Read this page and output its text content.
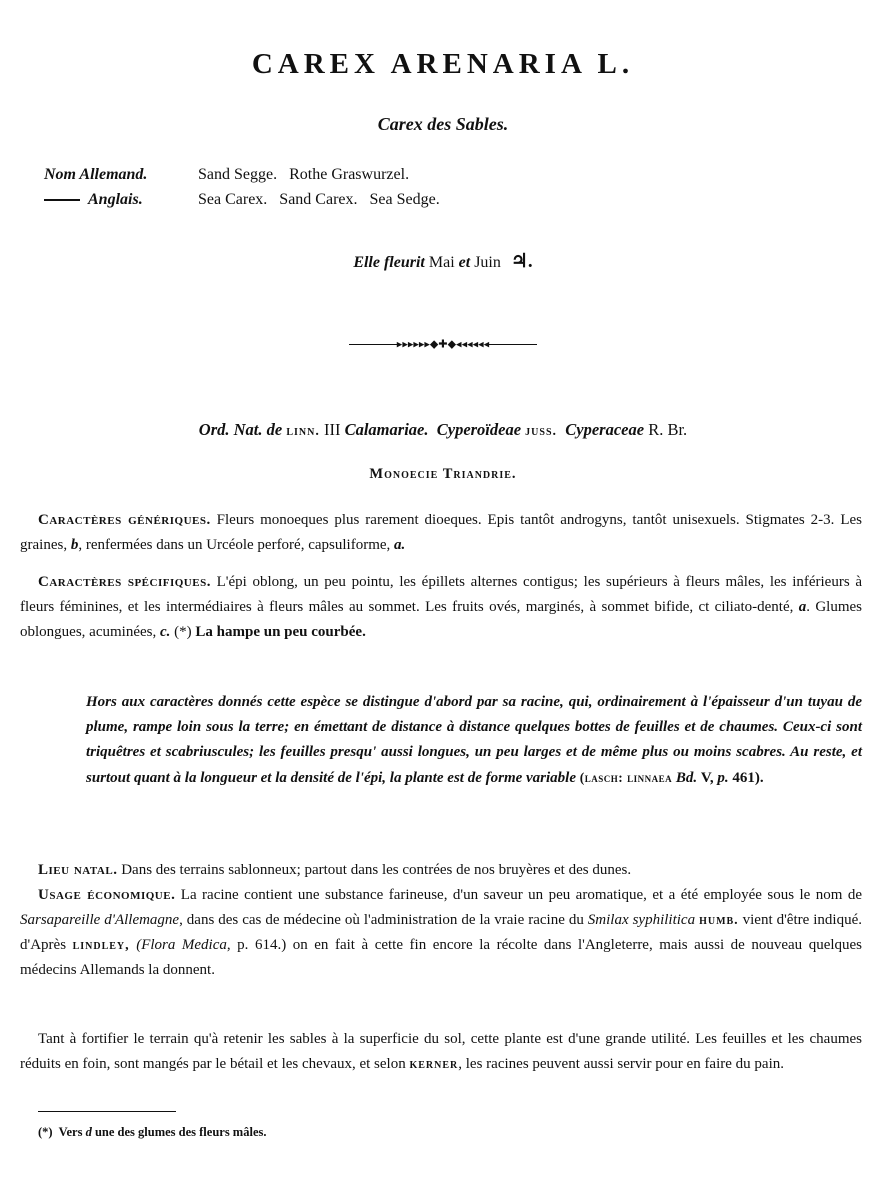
CAREX ARENARIA L.
Carex des Sables.
Nom Allemand.	Sand Segge.   Rothe Graswurzel.
Anglais.	Sea Carex.   Sand Carex.   Sea Sedge.
Elle fleurit Mai et Juin ♃.
▸▸▸▸▸▸◆✚◆◂◂◂◂◂◂
Ord. Nat. de linn. III Calamariae. Cyperoïdeae juss. Cyperaceae R. Br.
Monoecie Triandrie.
Caractères génériques. Fleurs monoeques plus rarement dioeques. Epis tantôt androgyns, tantôt unisexuels. Stigmates 2-3. Les graines, b, renfermées dans un Urcéole perforé, capsuliforme, a.
Caractères spécifiques. L'épi oblong, un peu pointu, les épillets alternes contigus; les supérieurs à fleurs mâles, les inférieurs à fleurs féminines, et les intermédiaires à fleurs mâles au sommet. Les fruits ovés, marginés, à sommet bifide, ct ciliato-denté, a. Glumes oblongues, acuminées, c. (*) La hampe un peu courbée.
Hors aux caractères donnés cette espèce se distingue d'abord par sa racine, qui, ordinairement à l'épaisseur d'un tuyau de plume, rampe loin sous la terre; en émettant de distance à distance quelques bottes de feuilles et de chaumes. Ceux-ci sont triquêtres et scabriuscules; les feuilles presqu' aussi longues, un peu larges et de même plus ou moins scabres. Au reste, et surtout quant à la longueur et la densité de l'épi, la plante est de forme variable (lasch: linnaea Bd. V, p. 461).
Lieu natal. Dans des terrains sablonneux; partout dans les contrées de nos bruyères et des dunes.
Usage économique. La racine contient une substance farineuse, d'un saveur un peu aromatique, et a été employée sous le nom de Sarsapareille d'Allemagne, dans des cas de médecine où l'administration de la vraie racine du Smilax syphilitica humb. vient d'être indiqué. d'Après lindley, (Flora Medica, p. 614.) on en fait à cette fin encore la récolte dans l'Angleterre, mais aussi de nouveau quelques médecins Allemands la donnent.
Tant à fortifier le terrain qu'à retenir les sables à la superficie du sol, cette plante est d'une grande utilité. Les feuilles et les chaumes réduits en foin, sont mangés par le bétail et les chevaux, et selon kerner, les racines peuvent aussi servir pour en faire du pain.
(*) Vers d une des glumes des fleurs mâles.
